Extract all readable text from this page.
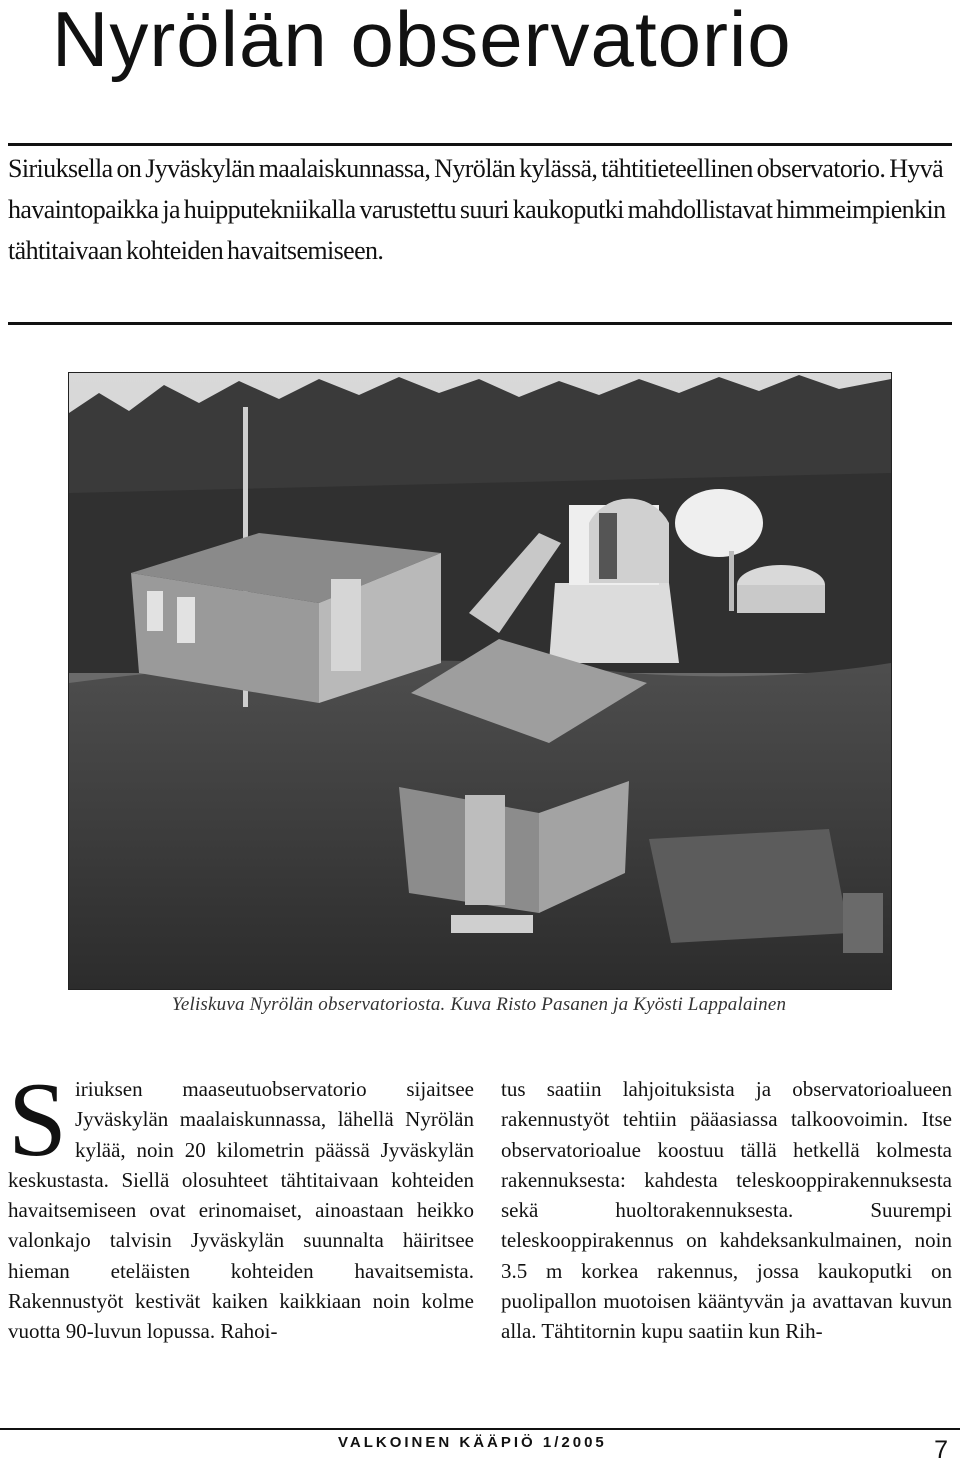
Nyrölän observatorio

Siriuksella on Jyväskylän maalaiskunnassa, Nyrölän kylässä, tähtitieteellinen observatorio. Hyvä havaintopaikka ja huipputekniikalla varustettu suuri kaukoputki mahdollistavat himmeimpienkin tähtitaivaan kohteiden havaitsemiseen.

Yeliskuva Nyrölän observatoriosta. Kuva Risto Pasanen ja Kyösti Lappalainen

Siriuksen maaseutuobservatorio sijaitsee Jyväskylän maalaiskunnassa, lähellä Nyrölän kylää, noin 20 kilometrin päässä Jyväskylän keskustasta. Siellä olosuhteet tähtitaivaan kohteiden havaitsemiseen ovat erinomaiset, ainoastaan heikko valonkajo talvisin Jyväskylän suunnalta häiritsee hieman eteläisten kohteiden havaitsemista. Rakennustyöt kestivät kaiken kaikkiaan noin kolme vuotta 90-luvun lopussa. Rahoi-

tus saatiin lahjoituksista ja observatorioalueen rakennustyöt tehtiin pääasiassa talkoovoimin. Itse observatorioalue koostuu tällä hetkellä kolmesta rakennuksesta: kahdesta teleskooppirakennuksesta sekä huoltorakennuksesta. Suurempi teleskooppirakennus on kahdeksankulmainen, noin 3.5 m korkea rakennus, jossa kaukoputki on puolipallon muotoisen kääntyvän ja avattavan kuvun alla. Tähtitornin kupu saatiin kun Rih-

VALKOINEN KÄÄPIÖ 1/2005	7
